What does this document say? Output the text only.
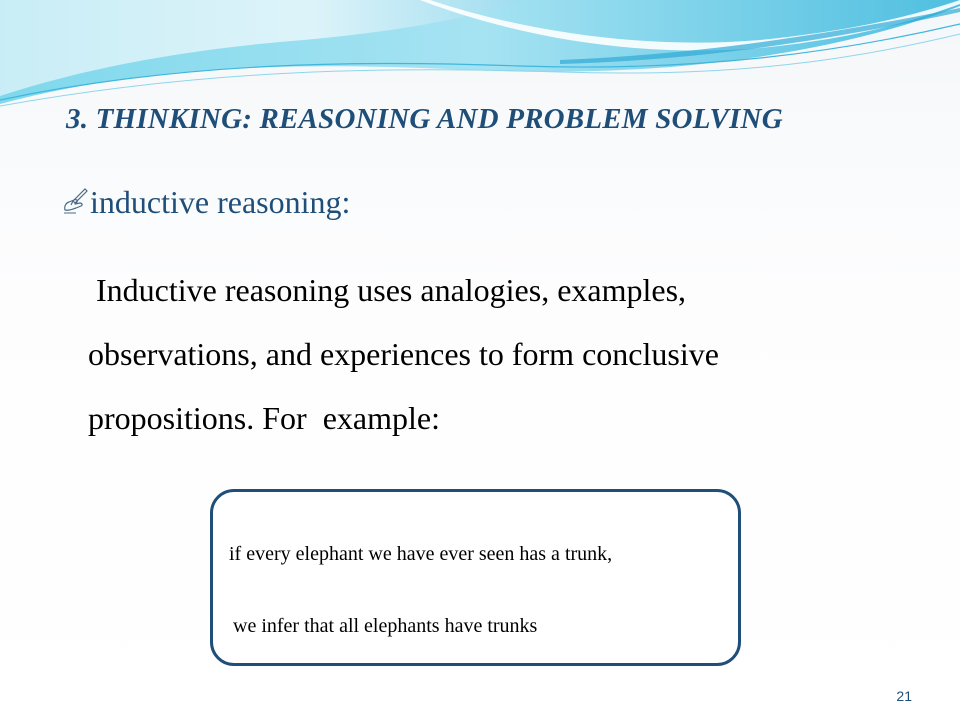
3. THINKING: REASONING AND PROBLEM SOLVING
inductive reasoning:

Inductive reasoning uses analogies, examples,
observations, and experiences to form conclusive
propositions. For  example:

if every elephant we have ever seen has a trunk,
we infer that all elephants have trunks
21
